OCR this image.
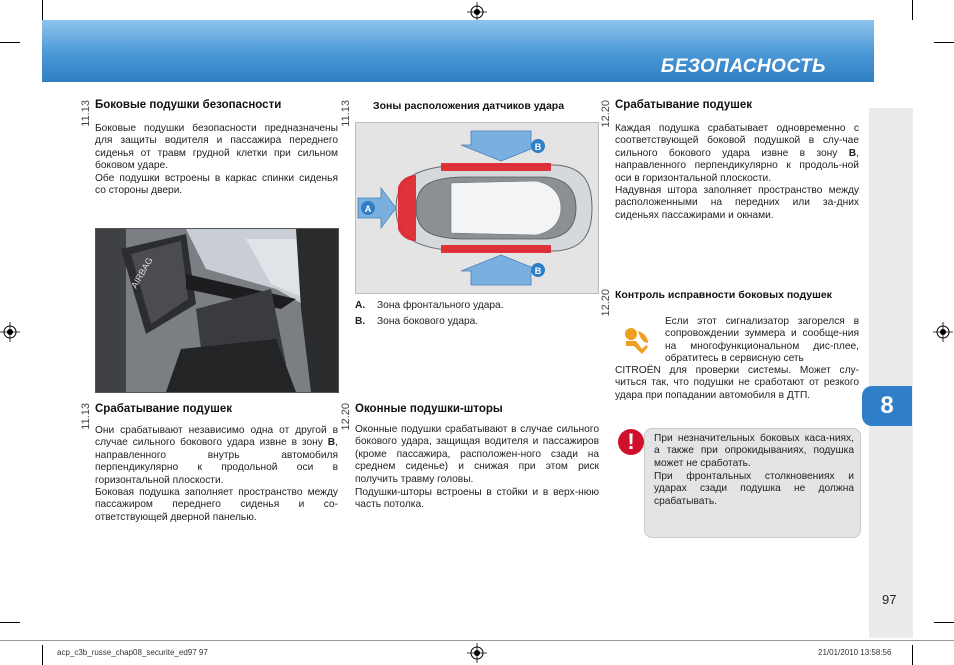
БЕЗОПАСНОСТЬ
8
97
11.13 Боковые подушки безопасности
Боковые подушки безопасности предназначены для защиты водителя и пассажира переднего сиденья от травм грудной клетки при сильном боковом ударе.
Обе подушки встроены в каркас спинки сиденья со стороны двери.
AIRBAG
11.13 Срабатывание подушек
Они срабатывают независимо одна от другой в случае сильного бокового удара извне в зону B, направленного внутрь автомобиля перпендикулярно к продольной оси в горизонтальной плоскости.
Боковая подушка заполняет пространство между пассажиром переднего сиденья и со-ответствующей дверной панелью.
11.13 Зоны расположения датчиков удара
A
B
B
A. Зона фронтального удара.
B. Зона бокового удара.
12.20 Оконные подушки-шторы
Оконные подушки срабатывают в случае сильного бокового удара, защищая водителя и пассажиров (кроме пассажира, расположен-ного сзади на среднем сиденье) и снижая при этом риск получить травму головы.
Подушки-шторы встроены в стойки и в верх-нюю часть потолка.
12.20 Срабатывание подушек
Каждая подушка срабатывает одновременно с соответствующей боковой подушкой в слу-чае сильного бокового удара извне в зону B, направленного перпендикулярно к продоль-ной оси в горизонтальной плоскости.
Надувная штора заполняет пространство между расположенными на передних или за-дних сиденьях пассажирами и окнами.
12.20 Контроль исправности боковых подушек
Если этот сигнализатор загорелся в сопровождении зуммера и сообще-ния на многофункциональном дис-плее, обратитесь в сервисную сеть
CITROËN для проверки системы. Может слу-читься так, что подушки не сработают от резкого удара при попадании автомобиля в ДТП.
!	При незначительных боковых каса-ниях, а также при опрокидываниях, подушка может не сработать.
При фронтальных столкновениях и ударах сзади подушка не должна срабатывать.
acp_c3b_russe_chap08_securite_ed97 97	21/01/2010 13:58:56
